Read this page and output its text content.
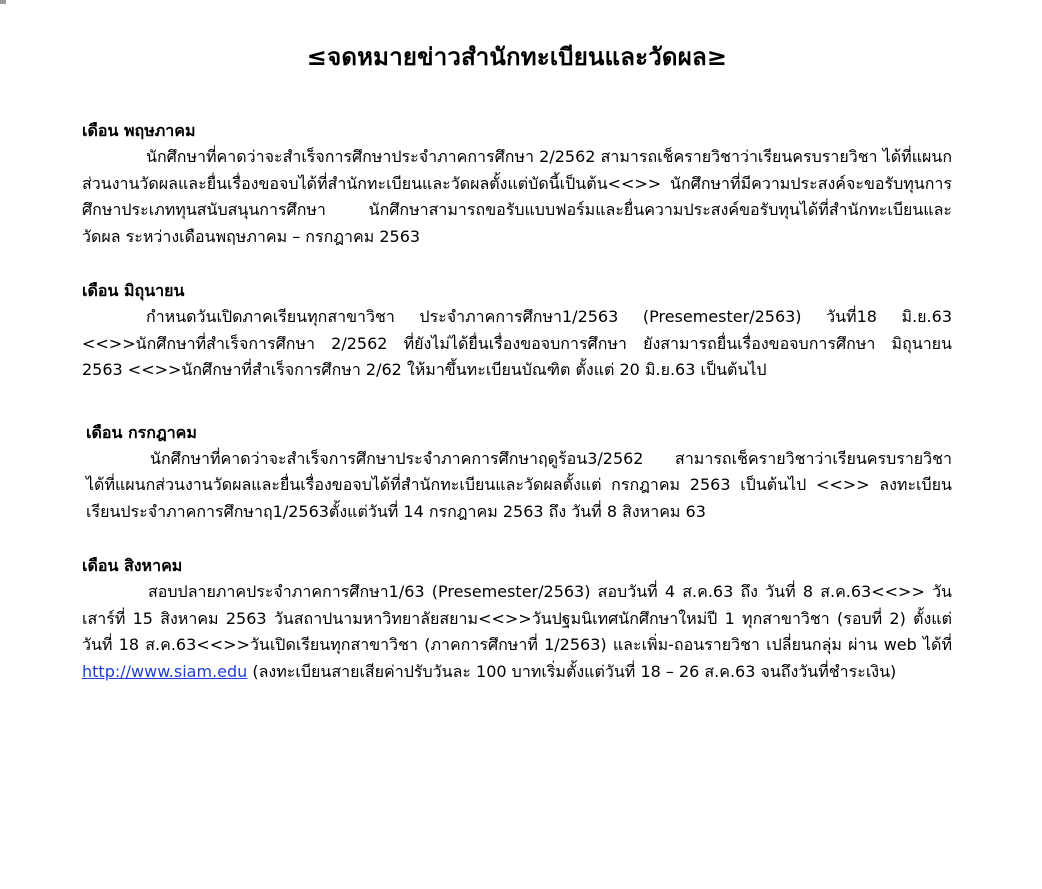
≤จดหมายข่าวสำนักทะเบียนและวัดผล≥

เดือน พฤษภาคม

นักศึกษาที่คาดว่าจะสำเร็จการศึกษาประจำภาคการศึกษา 2/2562 สามารถเช็ครายวิชาว่าเรียนครบรายวิชา ได้ที่แผนกส่วนงานวัดผลและยื่นเรื่องขอจบได้ที่สำนักทะเบียนและวัดผลตั้งแต่บัดนี้เป็นต้น<<>> นักศึกษาที่มีความประสงค์จะขอรับทุนการศึกษาประเภททุนสนับสนุนการศึกษา นักศึกษาสามารถขอรับแบบฟอร์มและยื่นความประสงค์ขอรับทุนได้ที่สำนักทะเบียนและวัดผล ระหว่างเดือนพฤษภาคม – กรกฎาคม 2563

เดือน มิถุนายน

กำหนดวันเปิดภาคเรียนทุกสาขาวิชา ประจำภาคการศึกษา1/2563 (Presemester/2563) วันที่18 มิ.ย.63 <<>>นักศึกษาที่สำเร็จการศึกษา 2/2562 ที่ยังไม่ได้ยื่นเรื่องขอจบการศึกษา ยังสามารถยื่นเรื่องขอจบการศึกษา มิถุนายน 2563 <<>>นักศึกษาที่สำเร็จการศึกษา 2/62 ให้มาขึ้นทะเบียนบัณฑิต ตั้งแต่ 20 มิ.ย.63 เป็นต้นไป

เดือน กรกฎาคม

นักศึกษาที่คาดว่าจะสำเร็จการศึกษาประจำภาคการศึกษาฤดูร้อน3/2562 สามารถเช็ครายวิชาว่าเรียนครบรายวิชาได้ที่แผนกส่วนงานวัดผลและยื่นเรื่องขอจบได้ที่สำนักทะเบียนและวัดผลตั้งแต่ กรกฎาคม 2563 เป็นต้นไป <<>> ลงทะเบียนเรียนประจำภาคการศึกษาฤ1/2563ตั้งแต่วันที่ 14 กรกฎาคม 2563 ถึง วันที่ 8 สิงหาคม 63

เดือน สิงหาคม

สอบปลายภาคประจำภาคการศึกษา1/63 (Presemester/2563) สอบวันที่ 4 ส.ค.63 ถึง วันที่ 8 ส.ค.63<<>> วันเสาร์ที่ 15 สิงหาคม 2563 วันสถาปนามหาวิทยาลัยสยาม<<>>วันปฐมนิเทศนักศึกษาใหม่ปี 1 ทุกสาขาวิชา (รอบที่ 2) ตั้งแต่วันที่ 18 ส.ค.63<<>>วันเปิดเรียนทุกสาขาวิชา (ภาคการศึกษาที่ 1/2563) และเพิ่ม-ถอนรายวิชา เปลี่ยนกลุ่ม ผ่าน web ได้ที่ http://www.siam.edu (ลงทะเบียนสายเสียค่าปรับวันละ 100 บาทเริ่มตั้งแต่วันที่ 18 – 26 ส.ค.63 จนถึงวันที่ชำระเงิน)
